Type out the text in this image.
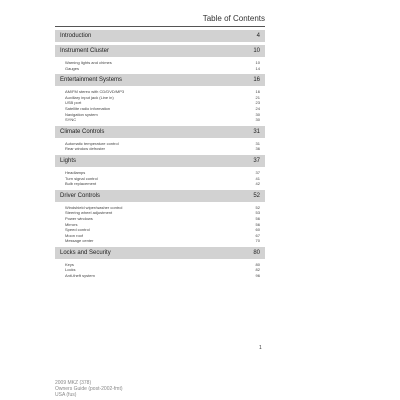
Table of Contents
Introduction	4
Instrument Cluster	10
Warning lights and chimes	10
Gauges	14
Entertainment Systems	16
AM/FM stereo with CD/DVD/MP3	16
Auxiliary input jack (Line in)	21
USB port	23
Satellite radio information	24
Navigation system	30
SYNC	30
Climate Controls	31
Automatic temperature control	31
Rear window defroster	36
Lights	37
Headlamps	37
Turn signal control	41
Bulb replacement	42
Driver Controls	52
Windshield wiper/washer control	52
Steering wheel adjustment	53
Power windows	56
Mirrors	56
Speed control	60
Moon roof	67
Message center	70
Locks and Security	80
Keys	80
Locks	82
Anti-theft system	96
1
2009 MKZ (378)
Owners Guide (post-2002-fmt)
USA (fus)
